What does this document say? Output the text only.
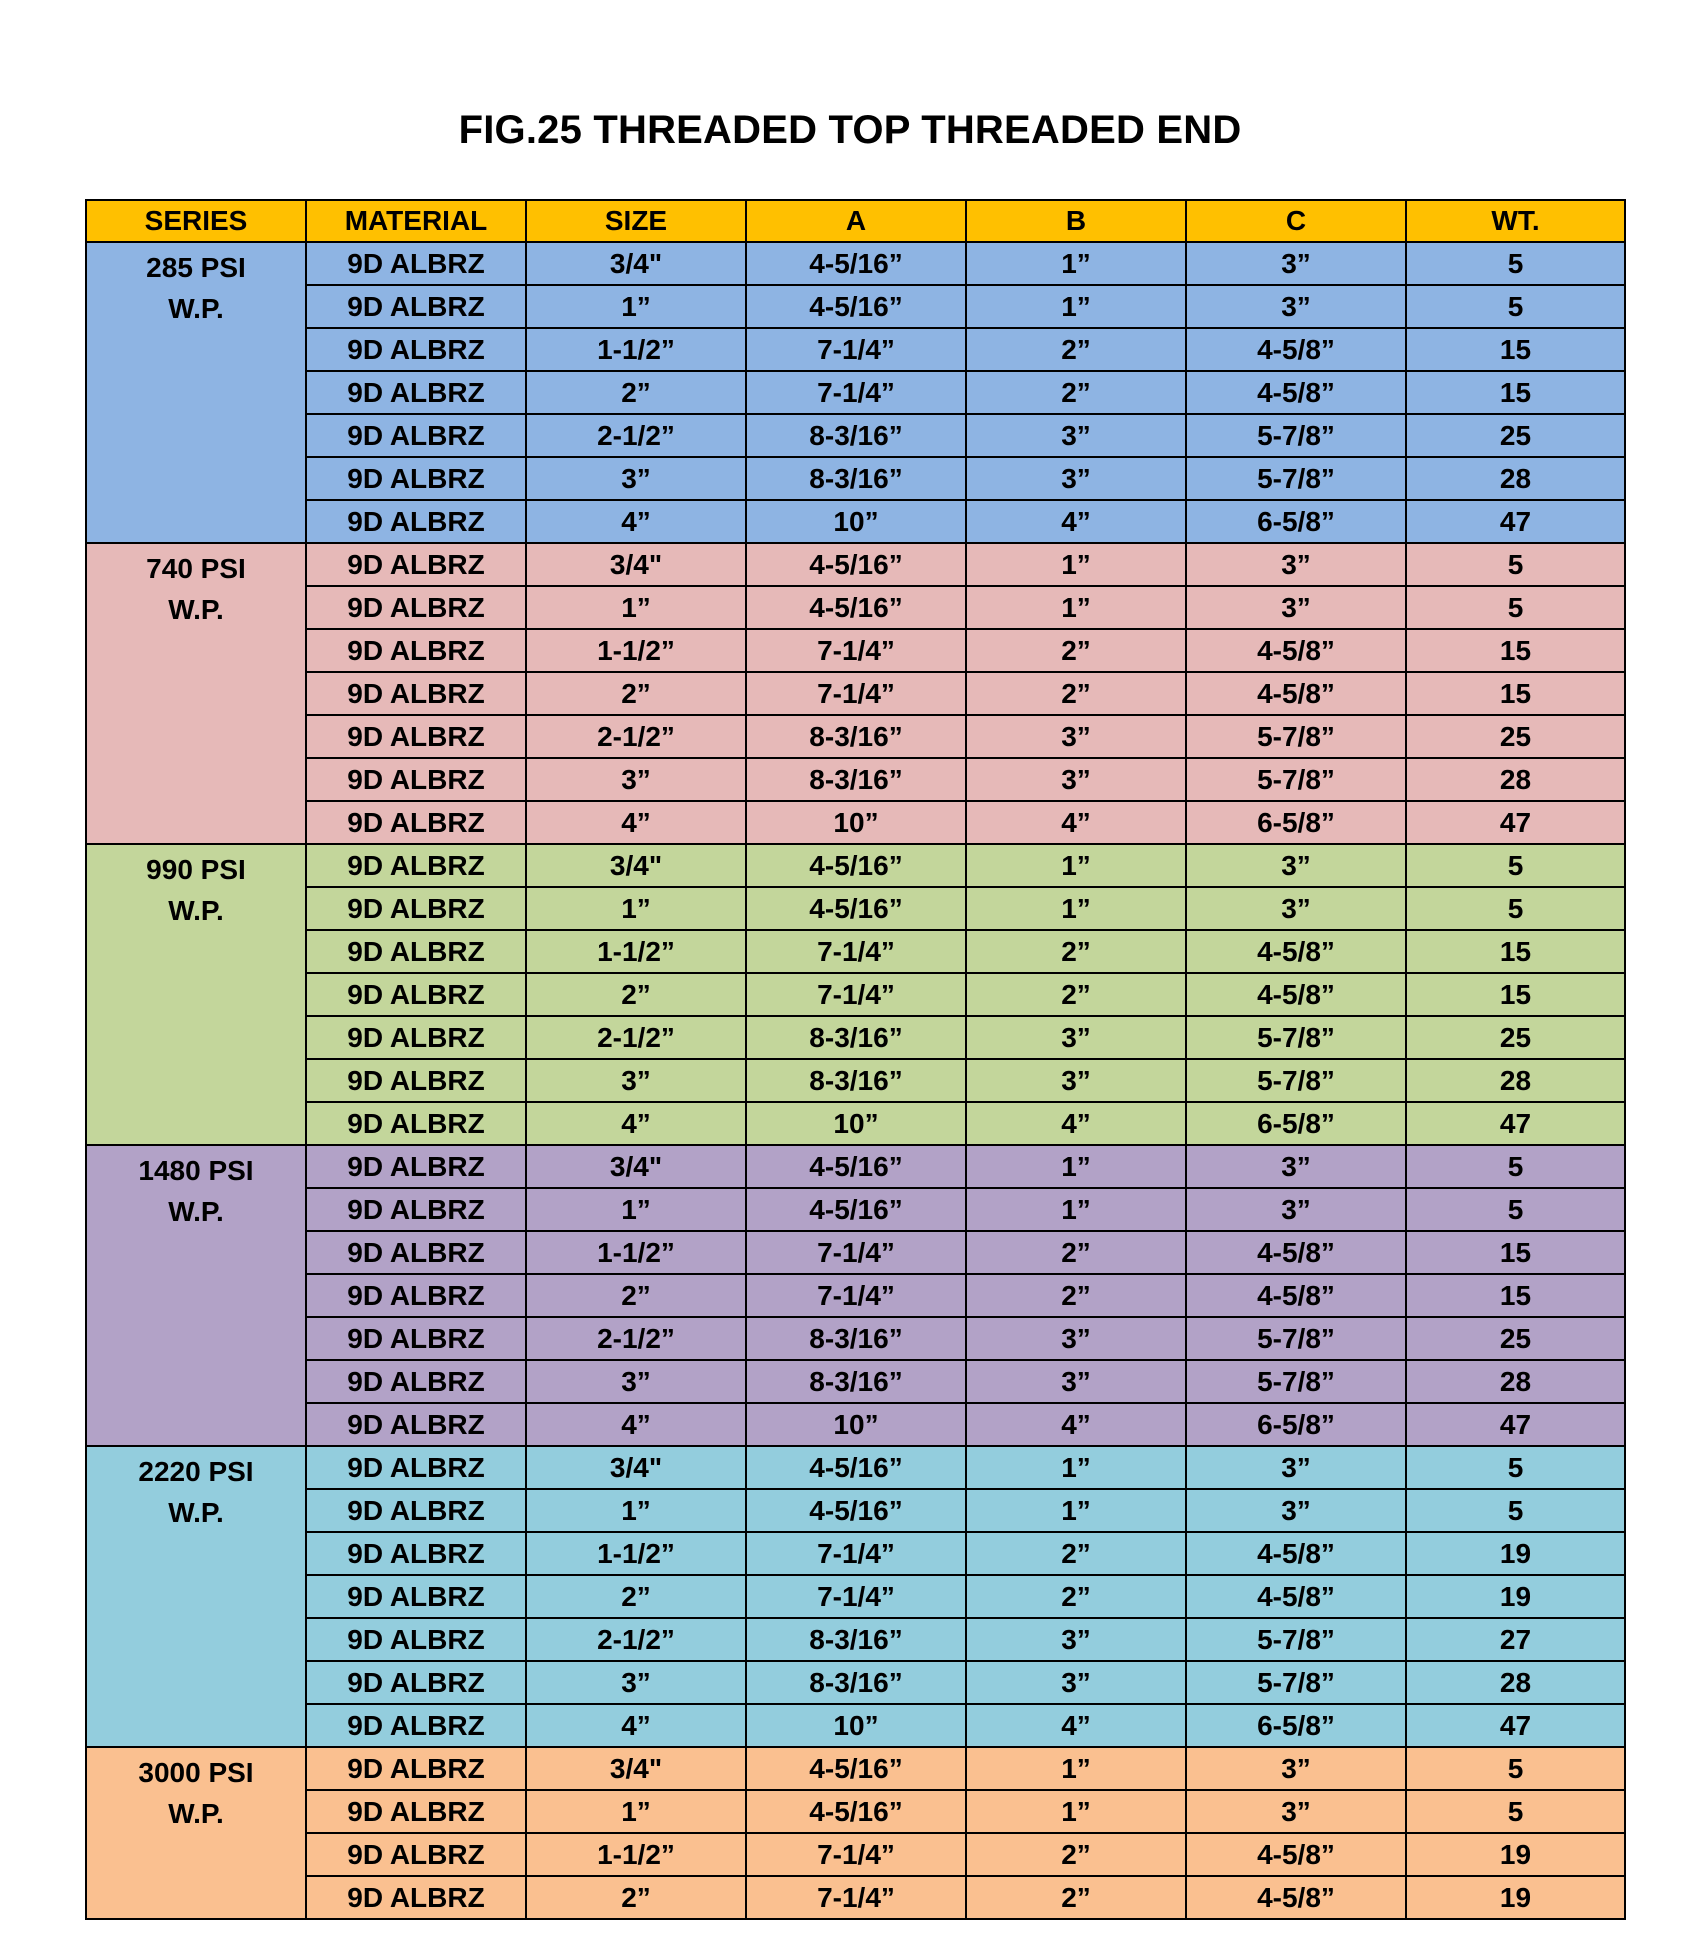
FIG.25 THREADED TOP THREADED END
SERIES	MATERIAL	SIZE	A	B	C	WT.

285 PSI
W.P.	9D ALBRZ	3/4"	4-5/16”	1”	3”	5
	9D ALBRZ	1”	4-5/16”	1”	3”	5
	9D ALBRZ	1-1/2”	7-1/4”	2”	4-5/8”	15
	9D ALBRZ	2”	7-1/4”	2”	4-5/8”	15
	9D ALBRZ	2-1/2”	8-3/16”	3”	5-7/8”	25
	9D ALBRZ	3”	8-3/16”	3”	5-7/8”	28
	9D ALBRZ	4”	10”	4”	6-5/8”	47

740 PSI
W.P.	9D ALBRZ	3/4"	4-5/16”	1”	3”	5
	9D ALBRZ	1”	4-5/16”	1”	3”	5
	9D ALBRZ	1-1/2”	7-1/4”	2”	4-5/8”	15
	9D ALBRZ	2”	7-1/4”	2”	4-5/8”	15
	9D ALBRZ	2-1/2”	8-3/16”	3”	5-7/8”	25
	9D ALBRZ	3”	8-3/16”	3”	5-7/8”	28
	9D ALBRZ	4”	10”	4”	6-5/8”	47

990 PSI
W.P.	9D ALBRZ	3/4"	4-5/16”	1”	3”	5
	9D ALBRZ	1”	4-5/16”	1”	3”	5
	9D ALBRZ	1-1/2”	7-1/4”	2”	4-5/8”	15
	9D ALBRZ	2”	7-1/4”	2”	4-5/8”	15
	9D ALBRZ	2-1/2”	8-3/16”	3”	5-7/8”	25
	9D ALBRZ	3”	8-3/16”	3”	5-7/8”	28
	9D ALBRZ	4”	10”	4”	6-5/8”	47

1480 PSI
W.P.	9D ALBRZ	3/4"	4-5/16”	1”	3”	5
	9D ALBRZ	1”	4-5/16”	1”	3”	5
	9D ALBRZ	1-1/2”	7-1/4”	2”	4-5/8”	15
	9D ALBRZ	2”	7-1/4”	2”	4-5/8”	15
	9D ALBRZ	2-1/2”	8-3/16”	3”	5-7/8”	25
	9D ALBRZ	3”	8-3/16”	3”	5-7/8”	28
	9D ALBRZ	4”	10”	4”	6-5/8”	47

2220 PSI
W.P.	9D ALBRZ	3/4"	4-5/16”	1”	3”	5
	9D ALBRZ	1”	4-5/16”	1”	3”	5
	9D ALBRZ	1-1/2”	7-1/4”	2”	4-5/8”	19
	9D ALBRZ	2”	7-1/4”	2”	4-5/8”	19
	9D ALBRZ	2-1/2”	8-3/16”	3”	5-7/8”	27
	9D ALBRZ	3”	8-3/16”	3”	5-7/8”	28
	9D ALBRZ	4”	10”	4”	6-5/8”	47

3000 PSI
W.P.	9D ALBRZ	3/4"	4-5/16”	1”	3”	5
	9D ALBRZ	1”	4-5/16”	1”	3”	5
	9D ALBRZ	1-1/2”	7-1/4”	2”	4-5/8”	19
	9D ALBRZ	2”	7-1/4”	2”	4-5/8”	19
